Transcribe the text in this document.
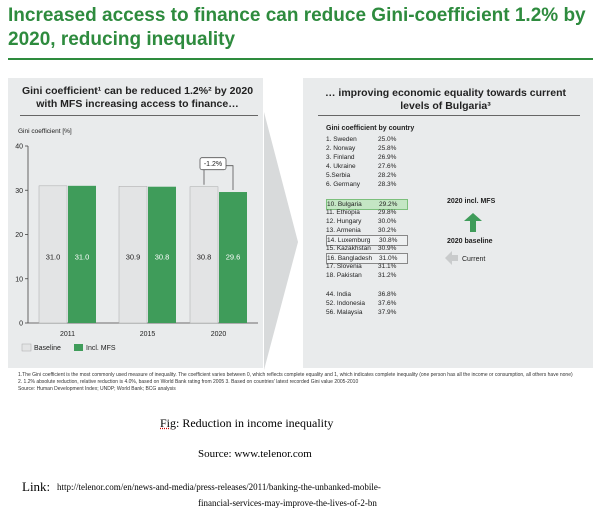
Increased access to finance can reduce Gini-coefficient 1.2% by 2020, reducing inequality
Gini coefficient¹ can be reduced 1.2%² by 2020 with MFS increasing access to finance…
… improving economic equality towards current levels of Bulgaria³
Gini coefficient [%]
0
10
20
30
40
31.0 31.0	30.9 30.8	30.8 29.6
2011	2015	2020
-1.2%
Baseline	Incl. MFS
Gini coefficient by country
1. Sweden	25.0%
2. Norway	25.8%
3. Finland	26.9%
4. Ukraine	27.6%
5.Serbia	28.2%
6. Germany	28.3%
10. Bulgaria	29.2%
11. Ethiopia	29.8%
12. Hungary	30.0%
13. Armenia	30.2%
14. Luxemburg 30.8%
15. Kazakhstan 30.9%
16. Bangladesh 31.0%
17. Slovenia 31.1%
18. Pakistan 31.2%
44. India	36.8%
52. Indonesia 37.6%
56. Malaysia 37.9%
2020 incl. MFS
2020 baseline
Current
1.The Gini coefficient is the most commonly used measure of inequality. The coefficient varies between 0, which reflects complete equality and 1, which indicates complete inequality (one person has all the income or consumption, all others have none)
2. 1.2% absolute reduction, relative reduction is 4.0%, based on World Bank rating from 2005 3. Based on countries' latest recorded Gini value 2005-2010
Source: Human Development Index; UNDP; World Bank; BCG analysis
Fig: Reduction in income inequality
Source: www.telenor.com
Link: http://telenor.com/en/news-and-media/press-releases/2011/banking-the-unbanked-mobile-
financial-services-may-improve-the-lives-of-2-bn
